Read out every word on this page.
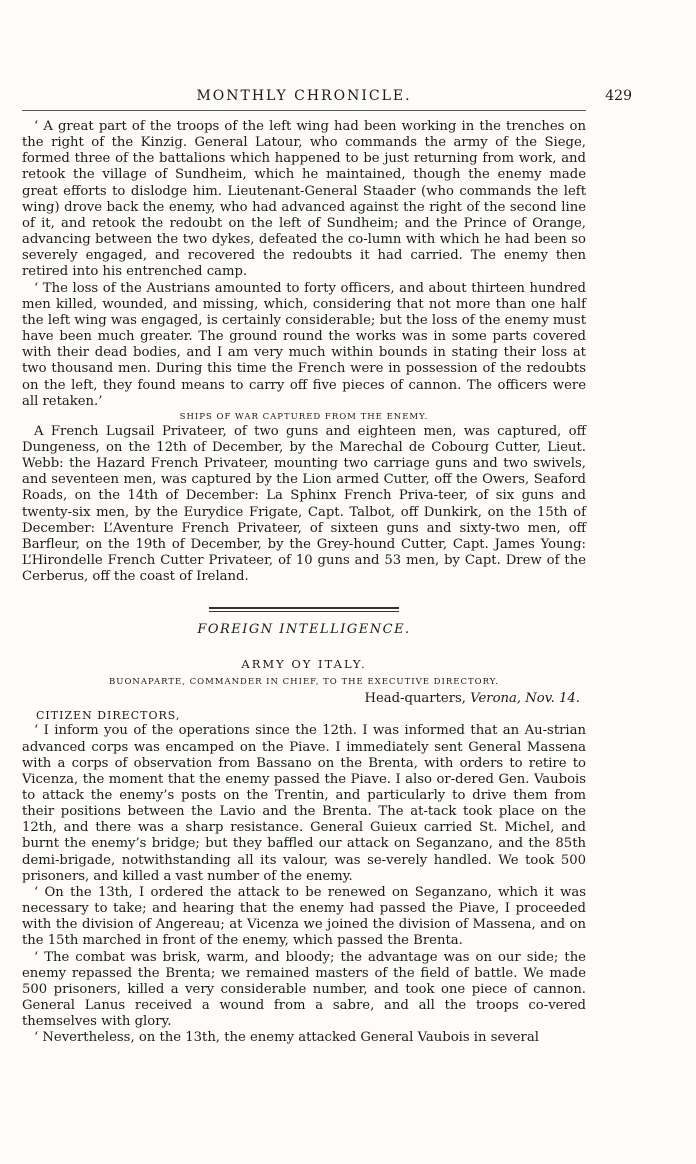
MONTHLY CHRONICLE.	429

‘ A great part of the troops of the left wing had been working in the trenches on the right of the Kinzig. General Latour, who commands the army of the Siege, formed three of the battalions which happened to be just returning from work, and retook the village of Sundheim, which he maintained, though the enemy made great efforts to dislodge him. Lieutenant-General Staader (who commands the left wing) drove back the enemy, who had advanced against the right of the second line of it, and retook the redoubt on the left of Sundheim; and the Prince of Orange, advancing between the two dykes, defeated the co-lumn with which he had been so severely engaged, and recovered the redoubts it had carried. The enemy then retired into his entrenched camp.

‘ The loss of the Austrians amounted to forty officers, and about thirteen hundred men killed, wounded, and missing, which, considering that not more than one half the left wing was engaged, is certainly considerable; but the loss of the enemy must have been much greater. The ground round the works was in some parts covered with their dead bodies, and I am very much within bounds in stating their loss at two thousand men. During this time the French were in possession of the redoubts on the left, they found means to carry off five pieces of cannon. The officers were all retaken.’

SHIPS OF WAR CAPTURED FROM THE ENEMY.

A French Lugsail Privateer, of two guns and eighteen men, was captured, off Dungeness, on the 12th of December, by the Marechal de Cobourg Cutter, Lieut. Webb: the Hazard French Privateer, mounting two carriage guns and two swivels, and seventeen men, was captured by the Lion armed Cutter, off the Owers, Seaford Roads, on the 14th of December: La Sphinx French Priva-teer, of six guns and twenty-six men, by the Eurydice Frigate, Capt. Talbot, off Dunkirk, on the 15th of December: L’Aventure French Privateer, of sixteen guns and sixty-two men, off Barfleur, on the 19th of December, by the Grey-hound Cutter, Capt. James Young: L’Hirondelle French Cutter Privateer, of 10 guns and 53 men, by Capt. Drew of the Cerberus, off the coast of Ireland.

FOREIGN INTELLIGENCE.
ARMY OY ITALY.
BUONAPARTE, COMMANDER IN CHIEF, TO THE EXECUTIVE DIRECTORY.
Head-quarters, Verona, Nov. 14.
CITIZEN DIRECTORS,

‘ I inform you of the operations since the 12th. I was informed that an Au-strian advanced corps was encamped on the Piave. I immediately sent General Massena with a corps of observation from Bassano on the Brenta, with orders to retire to Vicenza, the moment that the enemy passed the Piave. I also or-dered Gen. Vaubois to attack the enemy’s posts on the Trentin, and particularly to drive them from their positions between the Lavio and the Brenta. The at-tack took place on the 12th, and there was a sharp resistance. General Guieux carried St. Michel, and burnt the enemy’s bridge; but they baffled our attack on Seganzano, and the 85th demi-brigade, notwithstanding all its valour, was se-verely handled. We took 500 prisoners, and killed a vast number of the enemy.

‘ On the 13th, I ordered the attack to be renewed on Seganzano, which it was necessary to take; and hearing that the enemy had passed the Piave, I proceeded with the division of Angereau; at Vicenza we joined the division of Massena, and on the 15th marched in front of the enemy, which passed the Brenta.

‘ The combat was brisk, warm, and bloody; the advantage was on our side; the enemy repassed the Brenta; we remained masters of the field of battle. We made 500 prisoners, killed a very considerable number, and took one piece of cannon. General Lanus received a wound from a sabre, and all the troops co-vered themselves with glory.

‘ Nevertheless, on the 13th, the enemy attacked General Vaubois in several
